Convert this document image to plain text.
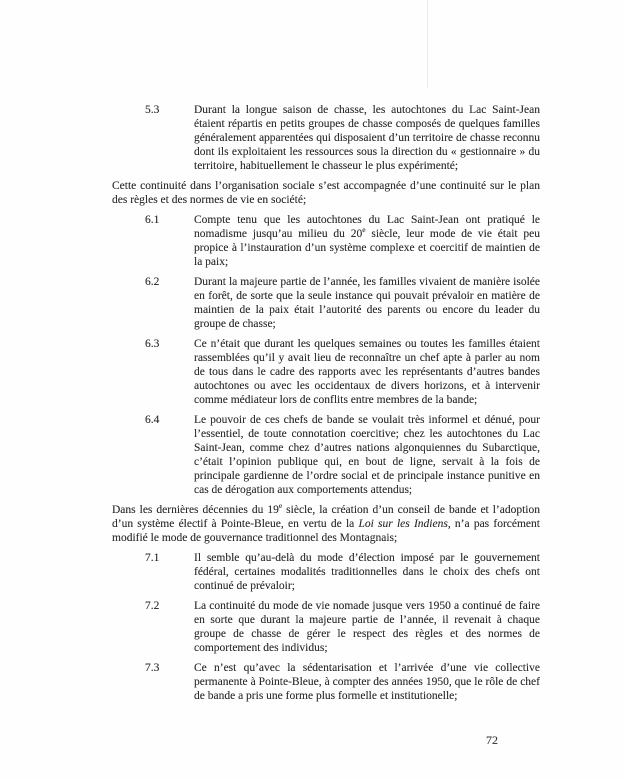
5.3	Durant la longue saison de chasse, les autochtones du Lac Saint-Jean étaient répartis en petits groupes de chasse composés de quelques familles généralement apparentées qui disposaient d’un territoire de chasse reconnu dont ils exploitaient les ressources sous la direction du « gestionnaire » du territoire, habituellement le chasseur le plus expérimenté;

Cette continuité dans l’organisation sociale s’est accompagnée d’une continuité sur le plan des règles et des normes de vie en société;

6.1	Compte tenu que les autochtones du Lac Saint-Jean ont pratiqué le nomadisme jusqu’au milieu du 20e siècle, leur mode de vie était peu propice à l’instauration d’un système complexe et coercitif de maintien de la paix;

6.2	Durant la majeure partie de l’année, les familles vivaient de manière isolée en forêt, de sorte que la seule instance qui pouvait prévaloir en matière de maintien de la paix était l’autorité des parents ou encore du leader du groupe de chasse;

6.3	Ce n’était que durant les quelques semaines ou toutes les familles étaient rassemblées qu’il y avait lieu de reconnaître un chef apte à parler au nom de tous dans le cadre des rapports avec les représentants d’autres bandes autochtones ou avec les occidentaux de divers horizons, et à intervenir comme médiateur lors de conflits entre membres de la bande;

6.4	Le pouvoir de ces chefs de bande se voulait très informel et dénué, pour l’essentiel, de toute connotation coercitive; chez les autochtones du Lac Saint-Jean, comme chez d’autres nations algonquiennes du Subarctique, c’était l’opinion publique qui, en bout de ligne, servait à la fois de principale gardienne de l’ordre social et de principale instance punitive en cas de dérogation aux comportements attendus;

Dans les dernières décennies du 19e siècle, la création d’un conseil de bande et l’adoption d’un système électif à Pointe-Bleue, en vertu de la Loi sur les Indiens, n’a pas forcément modifié le mode de gouvernance traditionnel des Montagnais;

7.1	Il semble qu’au-delà du mode d’élection imposé par le gouvernement fédéral, certaines modalités traditionnelles dans le choix des chefs ont continué de prévaloir;

7.2	La continuité du mode de vie nomade jusque vers 1950 a continué de faire en sorte que durant la majeure partie de l’année, il revenait à chaque groupe de chasse de gérer le respect des règles et des normes de comportement des individus;

7.3	Ce n’est qu’avec la sédentarisation et l’arrivée d’une vie collective permanente à Pointe-Bleue, à compter des années 1950, que le rôle de chef de bande a pris une forme plus formelle et institutionelle;

72
